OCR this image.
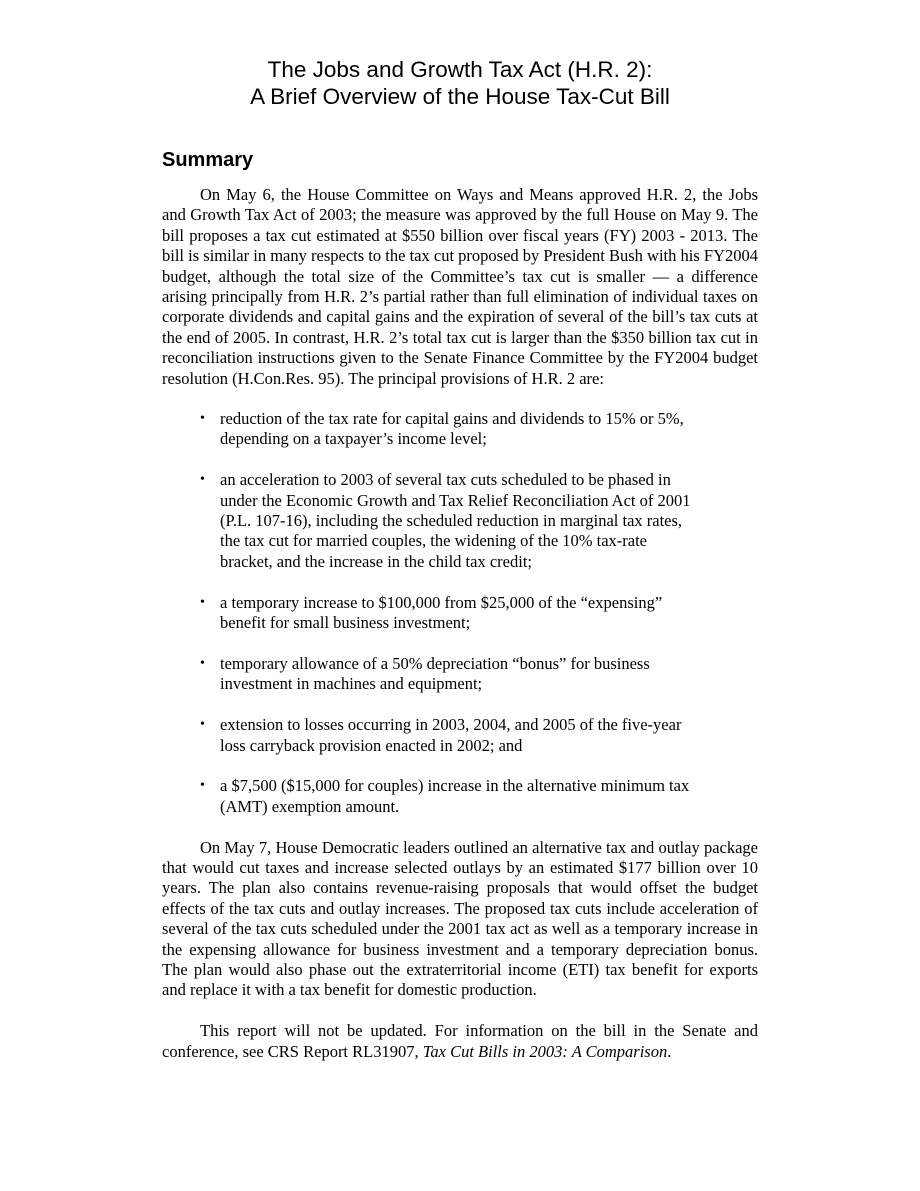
The Jobs and Growth Tax Act (H.R. 2):
A Brief Overview of the House Tax-Cut Bill
Summary

On May 6, the House Committee on Ways and Means approved H.R. 2, the Jobs and Growth Tax Act of 2003; the measure was approved by the full House on May 9. The bill proposes a tax cut estimated at $550 billion over fiscal years (FY) 2003 - 2013. The bill is similar in many respects to the tax cut proposed by President Bush with his FY2004 budget, although the total size of the Committee’s tax cut is smaller — a difference arising principally from H.R. 2’s partial rather than full elimination of individual taxes on corporate dividends and capital gains and the expiration of several of the bill’s tax cuts at the end of 2005. In contrast, H.R. 2’s total tax cut is larger than the $350 billion tax cut in reconciliation instructions given to the Senate Finance Committee by the FY2004 budget resolution (H.Con.Res. 95). The principal provisions of H.R. 2 are:

• reduction of the tax rate for capital gains and dividends to 15% or 5%, depending on a taxpayer’s income level;
• an acceleration to 2003 of several tax cuts scheduled to be phased in under the Economic Growth and Tax Relief Reconciliation Act of 2001 (P.L. 107-16), including the scheduled reduction in marginal tax rates, the tax cut for married couples, the widening of the 10% tax-rate bracket, and the increase in the child tax credit;
• a temporary increase to $100,000 from $25,000 of the “expensing” benefit for small business investment;
• temporary allowance of a 50% depreciation “bonus” for business investment in machines and equipment;
• extension to losses occurring in 2003, 2004, and 2005 of the five-year loss carryback provision enacted in 2002; and
• a $7,500 ($15,000 for couples) increase in the alternative minimum tax (AMT) exemption amount.

On May 7, House Democratic leaders outlined an alternative tax and outlay package that would cut taxes and increase selected outlays by an estimated $177 billion over 10 years. The plan also contains revenue-raising proposals that would offset the budget effects of the tax cuts and outlay increases. The proposed tax cuts include acceleration of several of the tax cuts scheduled under the 2001 tax act as well as a temporary increase in the expensing allowance for business investment and a temporary depreciation bonus. The plan would also phase out the extraterritorial income (ETI) tax benefit for exports and replace it with a tax benefit for domestic production.

This report will not be updated. For information on the bill in the Senate and conference, see CRS Report RL31907, Tax Cut Bills in 2003: A Comparison.
